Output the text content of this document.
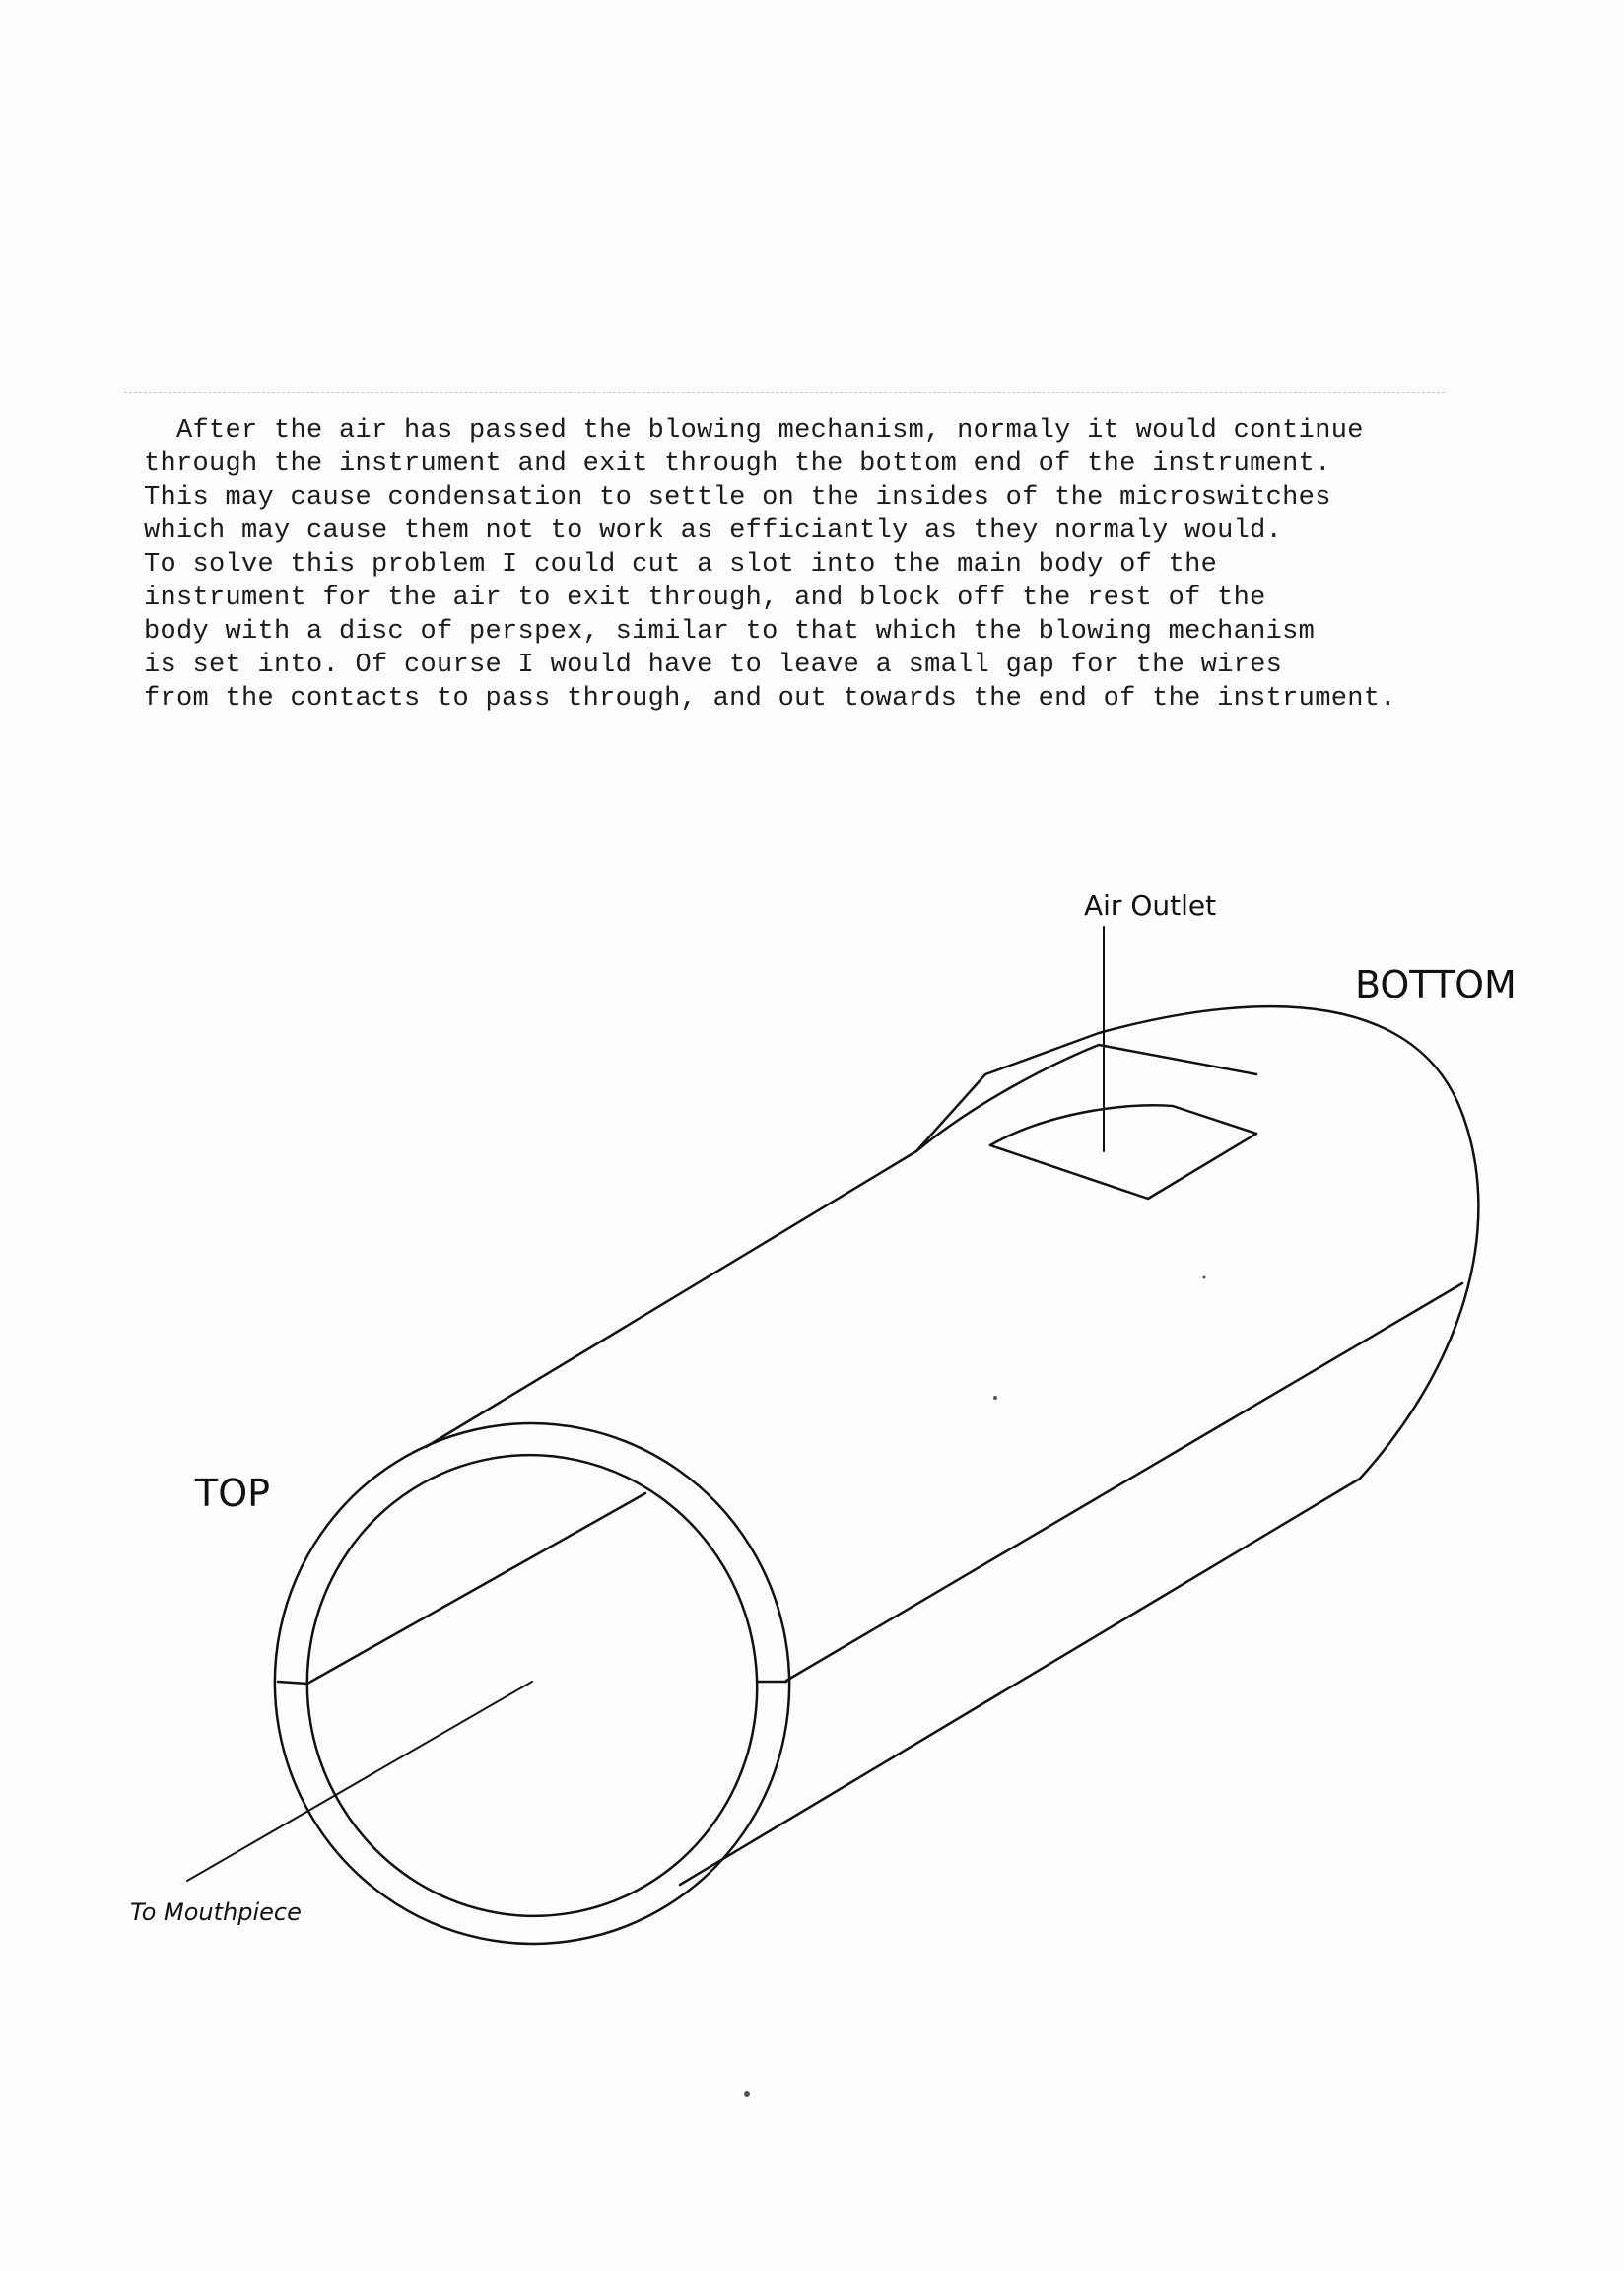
After the air has passed the blowing mechanism, normaly it would continue
through the instrument and exit through the bottom end of the instrument.
This may cause condensation to settle on the insides of the microswitches
which may cause them not to work as efficiantly as they normaly would.
To solve this problem I could cut a slot into the main body of the
instrument for the air to exit through, and block off the rest of the
body with a disc of perspex, similar to that which the blowing mechanism
is set into. Of course I would have to leave a small gap for the wires
from the contacts to pass through, and out towards the end of the instrument.
Air Outlet
BOTTOM
TOP
To Mouthpiece
